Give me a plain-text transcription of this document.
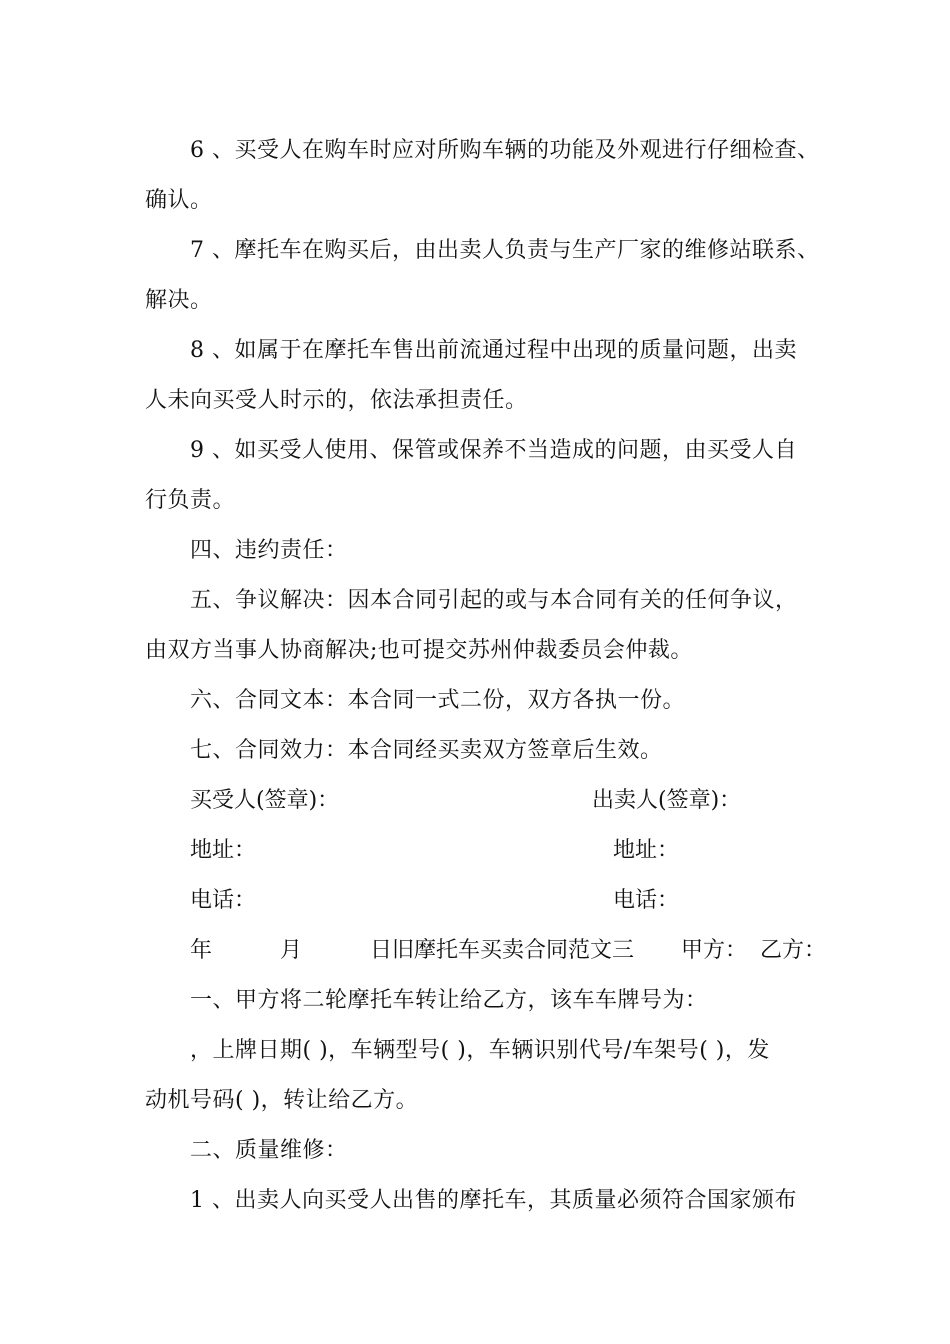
6 、买受人在购车时应对所购车辆的功能及外观进行仔细检查、
确认。
7 、摩托车在购买后，由出卖人负责与生产厂家的维修站联系、
解决。
8 、如属于在摩托车售出前流通过程中出现的质量问题，出卖
人未向买受人时示的，依法承担责任。
9 、如买受人使用、保管或保养不当造成的问题，由买受人自
行负责。
四、违约责任：
五、争议解决：因本合同引起的或与本合同有关的任何争议，
由双方当事人协商解决;也可提交苏州仲裁委员会仲裁。
六、合同文本：本合同一式二份，双方各执一份。
七、合同效力：本合同经买卖双方签章后生效。
买受人(签章)：	出卖人(签章)：
地址：	地址：
电话：	电话：
年	月	日旧摩托车买卖合同范文三 甲方： 乙方：
一、甲方将二轮摩托车转让给乙方，该车车牌号为：
，上牌日期( )，车辆型号( )，车辆识别代号/车架号( )，发
动机号码( )，转让给乙方。
二、质量维修：
1 、出卖人向买受人出售的摩托车，其质量必须符合国家颁布
